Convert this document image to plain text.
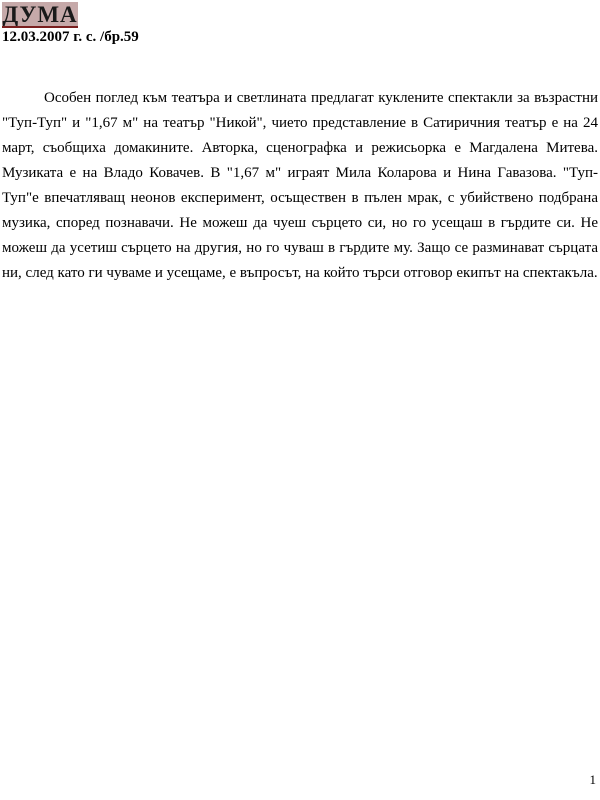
ДУМА
12.03.2007 г. с. /бр.59

Особен поглед към театъра и светлината предлагат куклените спектакли за възрастни "Туп-Туп" и "1,67 м" на театър "Никой", чието представление в Сатиричния театър е на 24 март, съобщиха домакините. Авторка, сценографка и режисьорка е Магдалена Митева. Музиката е на Владо Ковачев. В "1,67 м" играят Мила Коларова и Нина Гавазова. "Туп-Туп"е впечатляващ неонов експеримент, осъществен в пълен мрак, с убийствено подбрана музика, според познавачи. Не можеш да чуеш сърцето си, но го усещаш в гърдите си. Не можеш да усетиш сърцето на другия, но го чуваш в гърдите му. Защо се разминават сърцата ни, след като ги чуваме и усещаме, е въпросът, на който търси отговор екипът на спектакъла.

1
